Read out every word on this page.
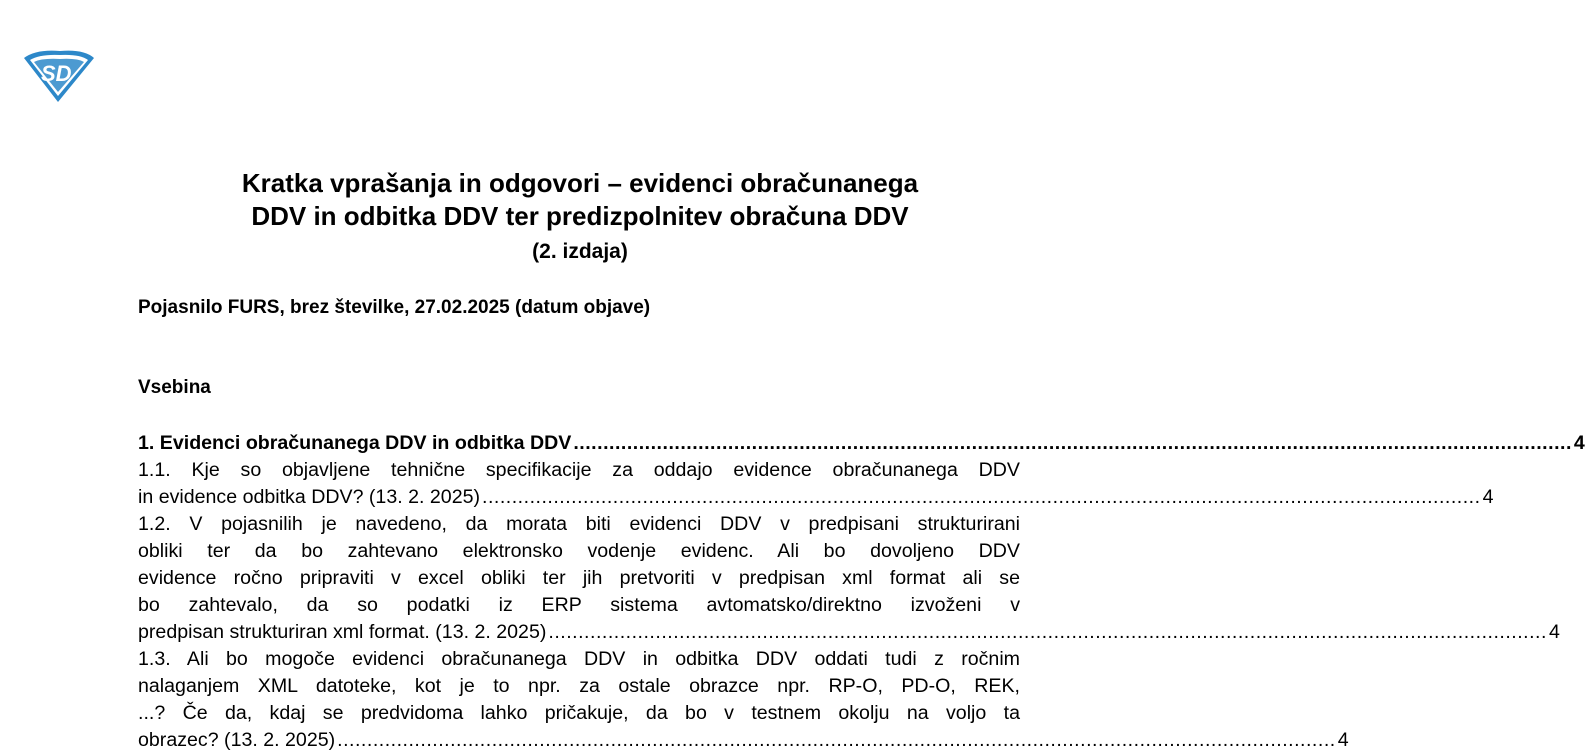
SD
Kratka vprašanja in odgovori – evidenci obračunanega
DDV in odbitka DDV ter predizpolnitev obračuna DDV
(2. izdaja)
Pojasnilo FURS, brez številke, 27.02.2025 (datum objave)
Vsebina
1. Evidenci obračunanega DDV in odbitka DDV ........................................................................................................................................................................ 4
1.1. Kje so objavljene tehnične specifikacije za oddajo evidence obračunanega DDV
in evidence odbitka DDV? (13. 2. 2025) ........................................................................................................................................................................ 4
1.2. V pojasnilih je navedeno, da morata biti evidenci DDV v predpisani strukturirani
obliki ter da bo zahtevano elektronsko vodenje evidenc. Ali bo dovoljeno DDV
evidence ročno pripraviti v excel obliki ter jih pretvoriti v predpisan xml format ali se
bo zahtevalo, da so podatki iz ERP sistema avtomatsko/direktno izvoženi v
predpisan strukturiran xml format. (13. 2. 2025) ........................................................................................................................................................................ 4
1.3. Ali bo mogoče evidenci obračunanega DDV in odbitka DDV oddati tudi z ročnim
nalaganjem XML datoteke, kot je to npr. za ostale obrazce npr. RP-O, PD-O, REK,
...? Če da, kdaj se predvidoma lahko pričakuje, da bo v testnem okolju na voljo ta
obrazec? (13. 2. 2025) ........................................................................................................................................................................ 4
